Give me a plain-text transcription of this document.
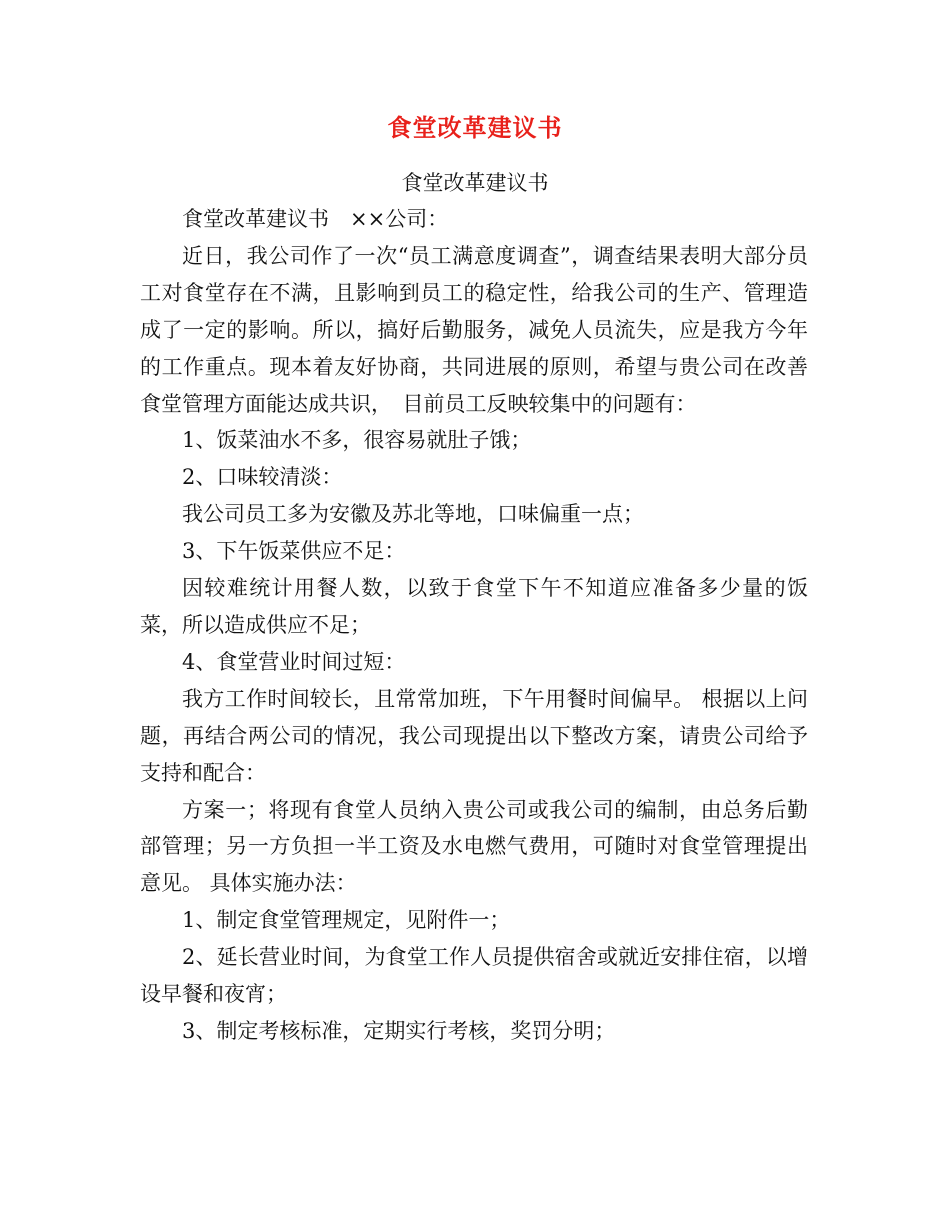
食堂改革建议书
食堂改革建议书

食堂改革建议书　××公司：

近日，我公司作了一次“员工满意度调查”，调查结果表明大部分员工对食堂存在不满，且影响到员工的稳定性，给我公司的生产、管理造成了一定的影响。所以，搞好后勤服务，减免人员流失，应是我方今年的工作重点。现本着友好协商，共同进展的原则，希望与贵公司在改善食堂管理方面能达成共识，　目前员工反映较集中的问题有：

1、饭菜油水不多，很容易就肚子饿；

2、口味较清淡：

我公司员工多为安徽及苏北等地，口味偏重一点；

3、下午饭菜供应不足：

因较难统计用餐人数，以致于食堂下午不知道应准备多少量的饭菜，所以造成供应不足；

4、食堂营业时间过短：

我方工作时间较长，且常常加班，下午用餐时间偏早。 根据以上问题，再结合两公司的情况，我公司现提出以下整改方案，请贵公司给予支持和配合：

方案一；将现有食堂人员纳入贵公司或我公司的编制，由总务后勤部管理；另一方负担一半工资及水电燃气费用，可随时对食堂管理提出意见。 具体实施办法：

1、制定食堂管理规定，见附件一；

2、延长营业时间，为食堂工作人员提供宿舍或就近安排住宿，以增设早餐和夜宵；

3、制定考核标准，定期实行考核，奖罚分明；
